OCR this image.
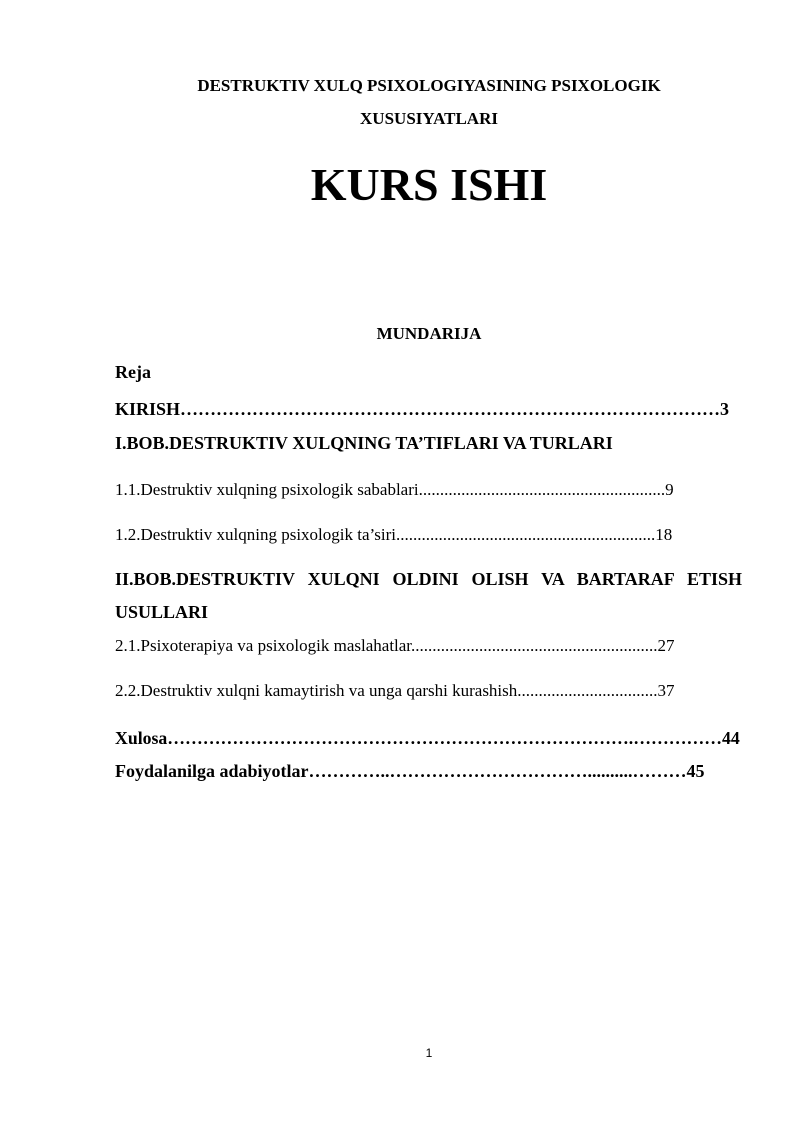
DESTRUKTIV XULQ PSIXOLOGIYASINING PSIXOLOGIK
XUSUSIYATLARI
KURS ISHI
MUNDARIJA
Reja
KIRISH………………………………………………………………………………3
I.BOB.DESTRUKTIV XULQNING TA’TIFLARI VA TURLARI
1.1.Destruktiv xulqning psixologik sabablari..........................................................9
1.2.Destruktiv xulqning psixologik ta’siri.............................................................18
II.BOB.DESTRUKTIV XULQNI OLDINI OLISH VA BARTARAF ETISH
USULLARI
2.1.Psixoterapiya va psixologik maslahatlar..........................................................27
2.2.Destruktiv xulqni kamaytirish va unga qarshi kurashish.................................37
Xulosa…………………………………………………………………….……………44
Foydalanilga adabiyotlar…………..……………………………..........………45
1
